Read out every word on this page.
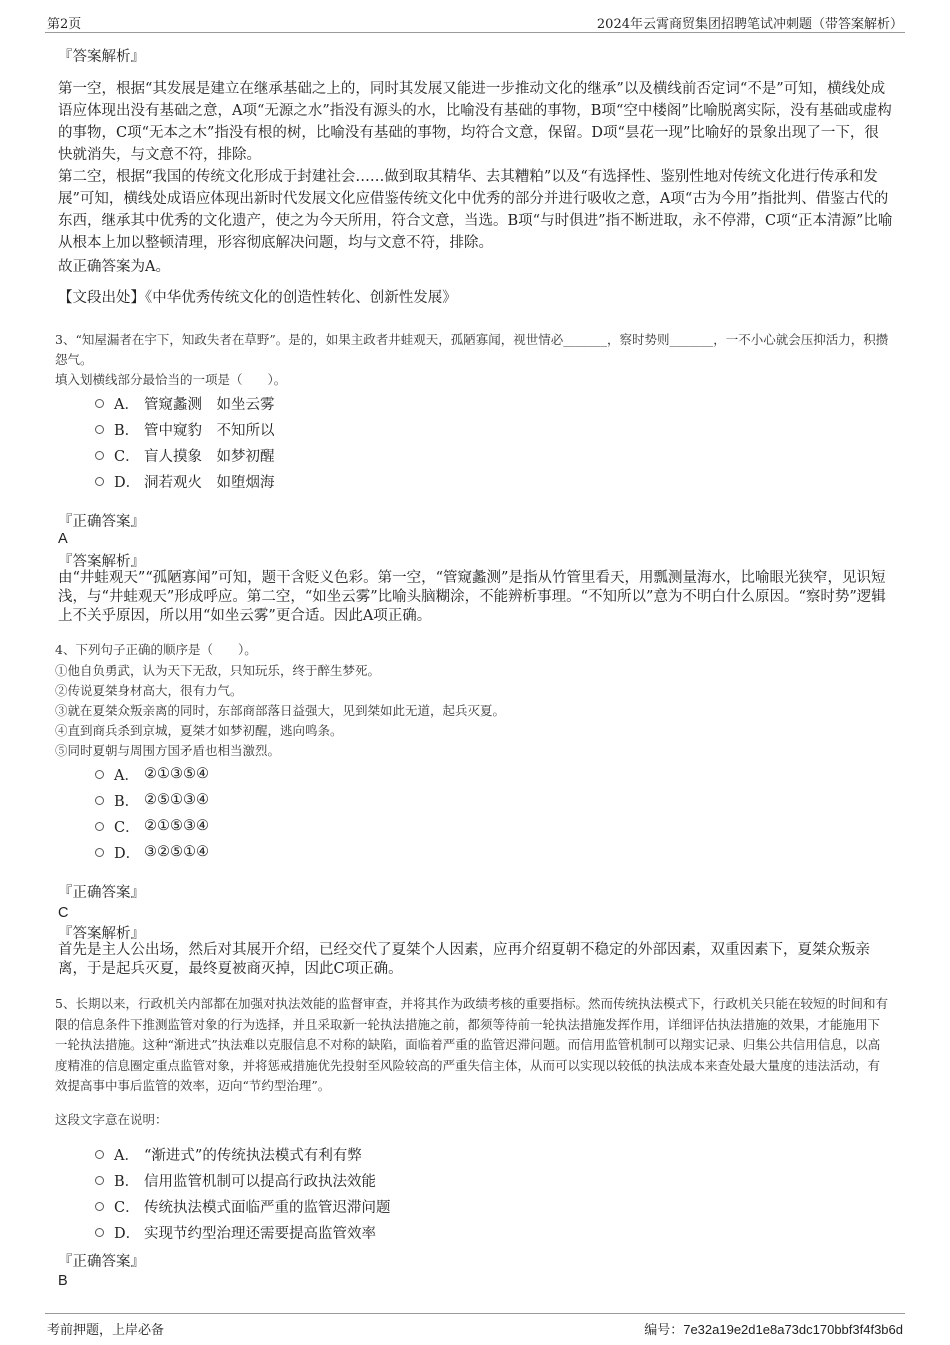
第2页	2024年云霄商贸集团招聘笔试冲刺题（带答案解析）
『答案解析』

第一空，根据“其发展是建立在继承基础之上的，同时其发展又能进一步推动文化的继承”以及横线前否定词“不是”可知，横线处成语应体现出没有基础之意，A项“无源之水”指没有源头的水，比喻没有基础的事物，B项“空中楼阁”比喻脱离实际，没有基础或虚构的事物，C项“无本之木”指没有根的树，比喻没有基础的事物，均符合文意，保留。D项“昙花一现”比喻好的景象出现了一下，很快就消失，与文意不符，排除。

第二空，根据“我国的传统文化形成于封建社会……做到取其精华、去其糟粕”以及“有选择性、鉴别性地对传统文化进行传承和发展”可知，横线处成语应体现出新时代发展文化应借鉴传统文化中优秀的部分并进行吸收之意，A项“古为今用”指批判、借鉴古代的东西，继承其中优秀的文化遗产，使之为今天所用，符合文意，当选。B项“与时俱进”指不断进取，永不停滞，C项“正本清源”比喻从根本上加以整顿清理，形容彻底解决问题，均与文意不符，排除。

故正确答案为A。
【文段出处】《中华优秀传统文化的创造性转化、创新性发展》

3、“知屋漏者在宇下，知政失者在草野”。是的，如果主政者井蛙观天，孤陋寡闻，视世情必_______，察时势则_______，一不小心就会压抑活力，积攒怨气。

填入划横线部分最恰当的一项是（　　）。
A． 管窥蠡测　如坐云雾
B． 管中窥豹　不知所以
C． 盲人摸象　如梦初醒
D． 洞若观火　如堕烟海
『正确答案』
A
『答案解析』

由“井蛙观天”“孤陋寡闻”可知，题干含贬义色彩。第一空，“管窥蠡测”是指从竹管里看天，用瓢测量海水，比喻眼光狭窄，见识短浅，与“井蛙观天”形成呼应。第二空，“如坐云雾”比喻头脑糊涂，不能辨析事理。“不知所以”意为不明白什么原因。“察时势”逻辑上不关乎原因，所以用“如坐云雾”更合适。因此A项正确。

4、下列句子正确的顺序是（　　）。
①他自负勇武，认为天下无敌，只知玩乐，终于醉生梦死。
②传说夏桀身材高大，很有力气。
③就在夏桀众叛亲离的同时，东部商部落日益强大，见到桀如此无道，起兵灭夏。
④直到商兵杀到京城，夏桀才如梦初醒，逃向鸣条。
⑤同时夏朝与周围方国矛盾也相当激烈。
A． ②①③⑤④
B． ②⑤①③④
C． ②①⑤③④
D． ③②⑤①④
『正确答案』
C
『答案解析』

首先是主人公出场，然后对其展开介绍，已经交代了夏桀个人因素，应再介绍夏朝不稳定的外部因素，双重因素下，夏桀众叛亲离，于是起兵灭夏，最终夏被商灭掉，因此C项正确。

5、长期以来，行政机关内部都在加强对执法效能的监督审查，并将其作为政绩考核的重要指标。然而传统执法模式下，行政机关只能在较短的时间和有限的信息条件下推测监管对象的行为选择，并且采取新一轮执法措施之前，都须等待前一轮执法措施发挥作用，详细评估执法措施的效果，才能施用下一轮执法措施。这种“渐进式”执法难以克服信息不对称的缺陷，面临着严重的监管迟滞问题。而信用监管机制可以翔实记录、归集公共信用信息，以高度精准的信息圈定重点监管对象，并将惩戒措施优先投射至风险较高的严重失信主体，从而可以实现以较低的执法成本来查处最大量度的违法活动，有效提高事中事后监管的效率，迈向“节约型治理”。

这段文字意在说明：
A． “渐进式”的传统执法模式有利有弊
B． 信用监管机制可以提高行政执法效能
C． 传统执法模式面临严重的监管迟滞问题
D． 实现节约型治理还需要提高监管效率
『正确答案』
B
考前押题，上岸必备	编号：7e32a19e2d1e8a73dc170bbf3f4f3b6d
